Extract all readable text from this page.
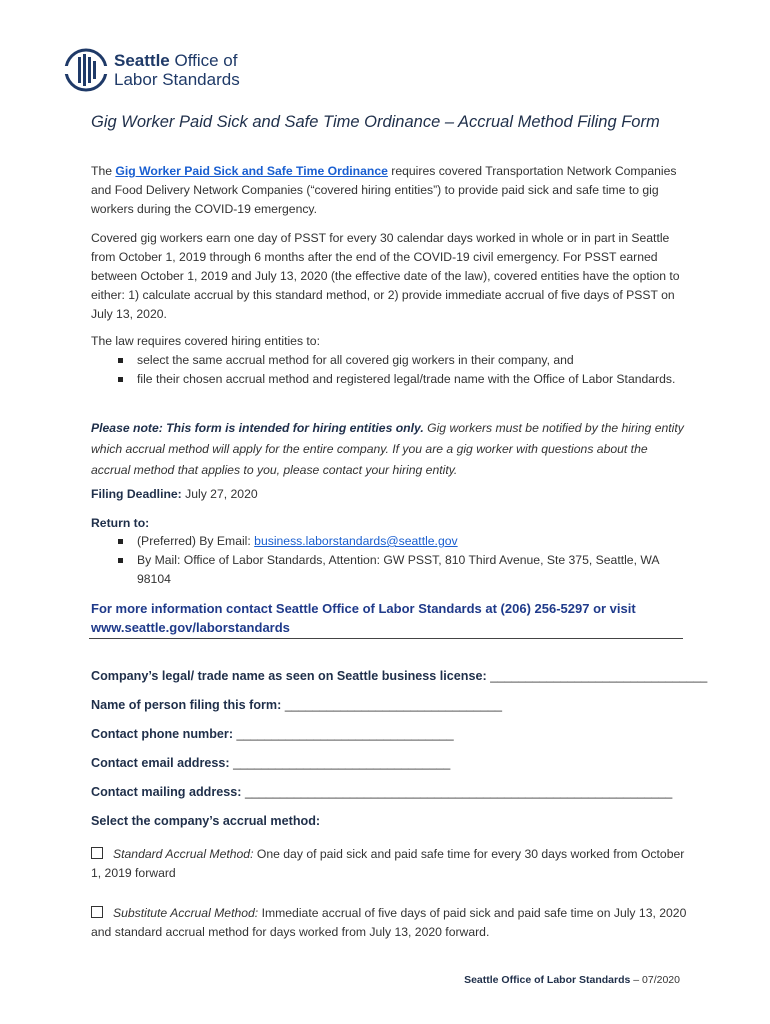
Seattle Office of
Labor Standards
Gig Worker Paid Sick and Safe Time Ordinance – Accrual Method Filing Form

The Gig Worker Paid Sick and Safe Time Ordinance requires covered Transportation Network Companies and Food Delivery Network Companies (“covered hiring entities”) to provide paid sick and safe time to gig workers during the COVID-19 emergency.

Covered gig workers earn one day of PSST for every 30 calendar days worked in whole or in part in Seattle from October 1, 2019 through 6 months after the end of the COVID-19 civil emergency. For PSST earned between October 1, 2019 and July 13, 2020 (the effective date of the law), covered entities have the option to either: 1) calculate accrual by this standard method, or 2) provide immediate accrual of five days of PSST on July 13, 2020.

The law requires covered hiring entities to:

select the same accrual method for all covered gig workers in their company, and
file their chosen accrual method and registered legal/trade name with the Office of Labor Standards.

Please note: This form is intended for hiring entities only. Gig workers must be notified by the hiring entity which accrual method will apply for the entire company. If you are a gig worker with questions about the accrual method that applies to you, please contact your hiring entity.

Filing Deadline: July 27, 2020

Return to:

(Preferred) By Email: business.laborstandards@seattle.gov
By Mail: Office of Labor Standards, Attention: GW PSST, 810 Third Avenue, Ste 375, Seattle, WA 98104

For more information contact Seattle Office of Labor Standards at (206) 256-5297 or visit www.seattle.gov/laborstandards

Company’s legal/ trade name as seen on Seattle business license: _______________________________
Name of person filing this form: _______________________________
Contact phone number: _______________________________
Contact email address: _______________________________
Contact mailing address: _____________________________________________________________
Select the company’s accrual method:

Standard Accrual Method: One day of paid sick and paid safe time for every 30 days worked from October 1, 2019 forward

Substitute Accrual Method: Immediate accrual of five days of paid sick and paid safe time on July 13, 2020 and standard accrual method for days worked from July 13, 2020 forward.

Seattle Office of Labor Standards – 07/2020
